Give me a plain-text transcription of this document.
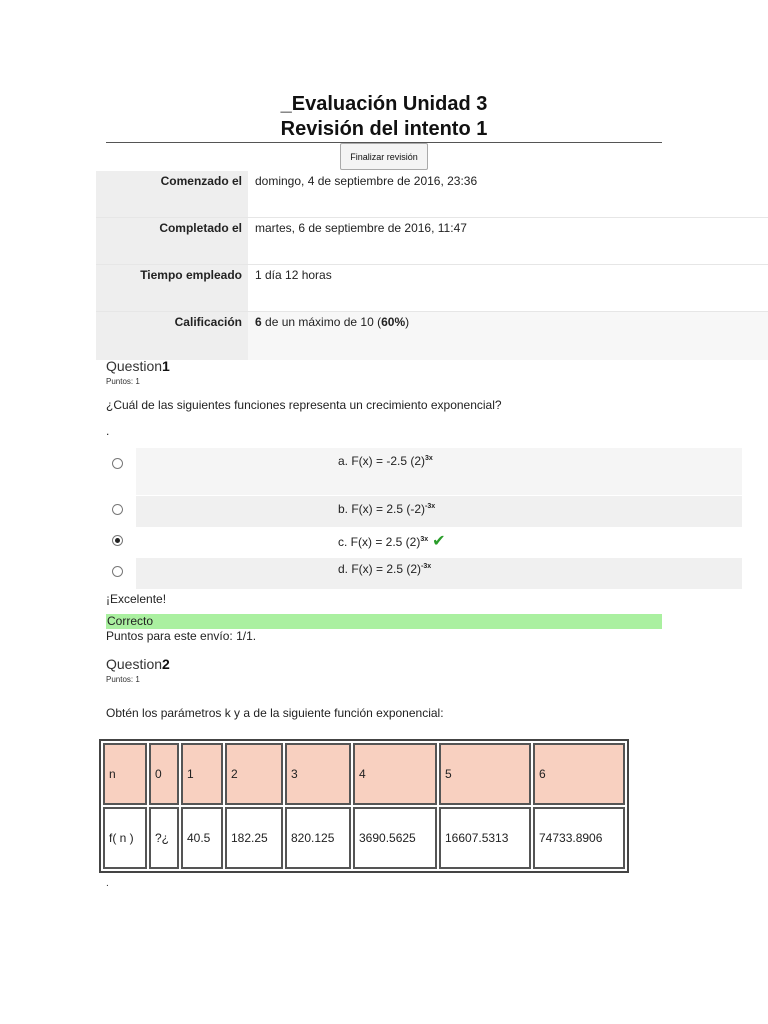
_Evaluación Unidad 3
Revisión del intento 1
Finalizar revisión
Comenzado el	domingo, 4 de septiembre de 2016, 23:36
Completado el	martes, 6 de septiembre de 2016, 11:47
Tiempo empleado	1 día 12 horas
Calificación	6 de un máximo de 10 (60%)
Question1
Puntos: 1
¿Cuál de las siguientes funciones representa un crecimiento exponencial?
.
a. F(x) = -2.5 $(2)^{3x}$
b. F(x) = 2.5 $(-2)^{-3x}$
c. F(x) = 2.5 $(2)^{3x}$ ✔
d. F(x) = 2.5 $(2)^{-3x}$
¡Excelente!
Correcto
Puntos para este envío: 1/1.
Question2
Puntos: 1
Obtén los parámetros k y a de la siguiente función exponencial:
n	0	1	2	3	4	5	6
f( n )	?¿	40.5	182.25	820.125	3690.5625	16607.5313	74733.8906
.
